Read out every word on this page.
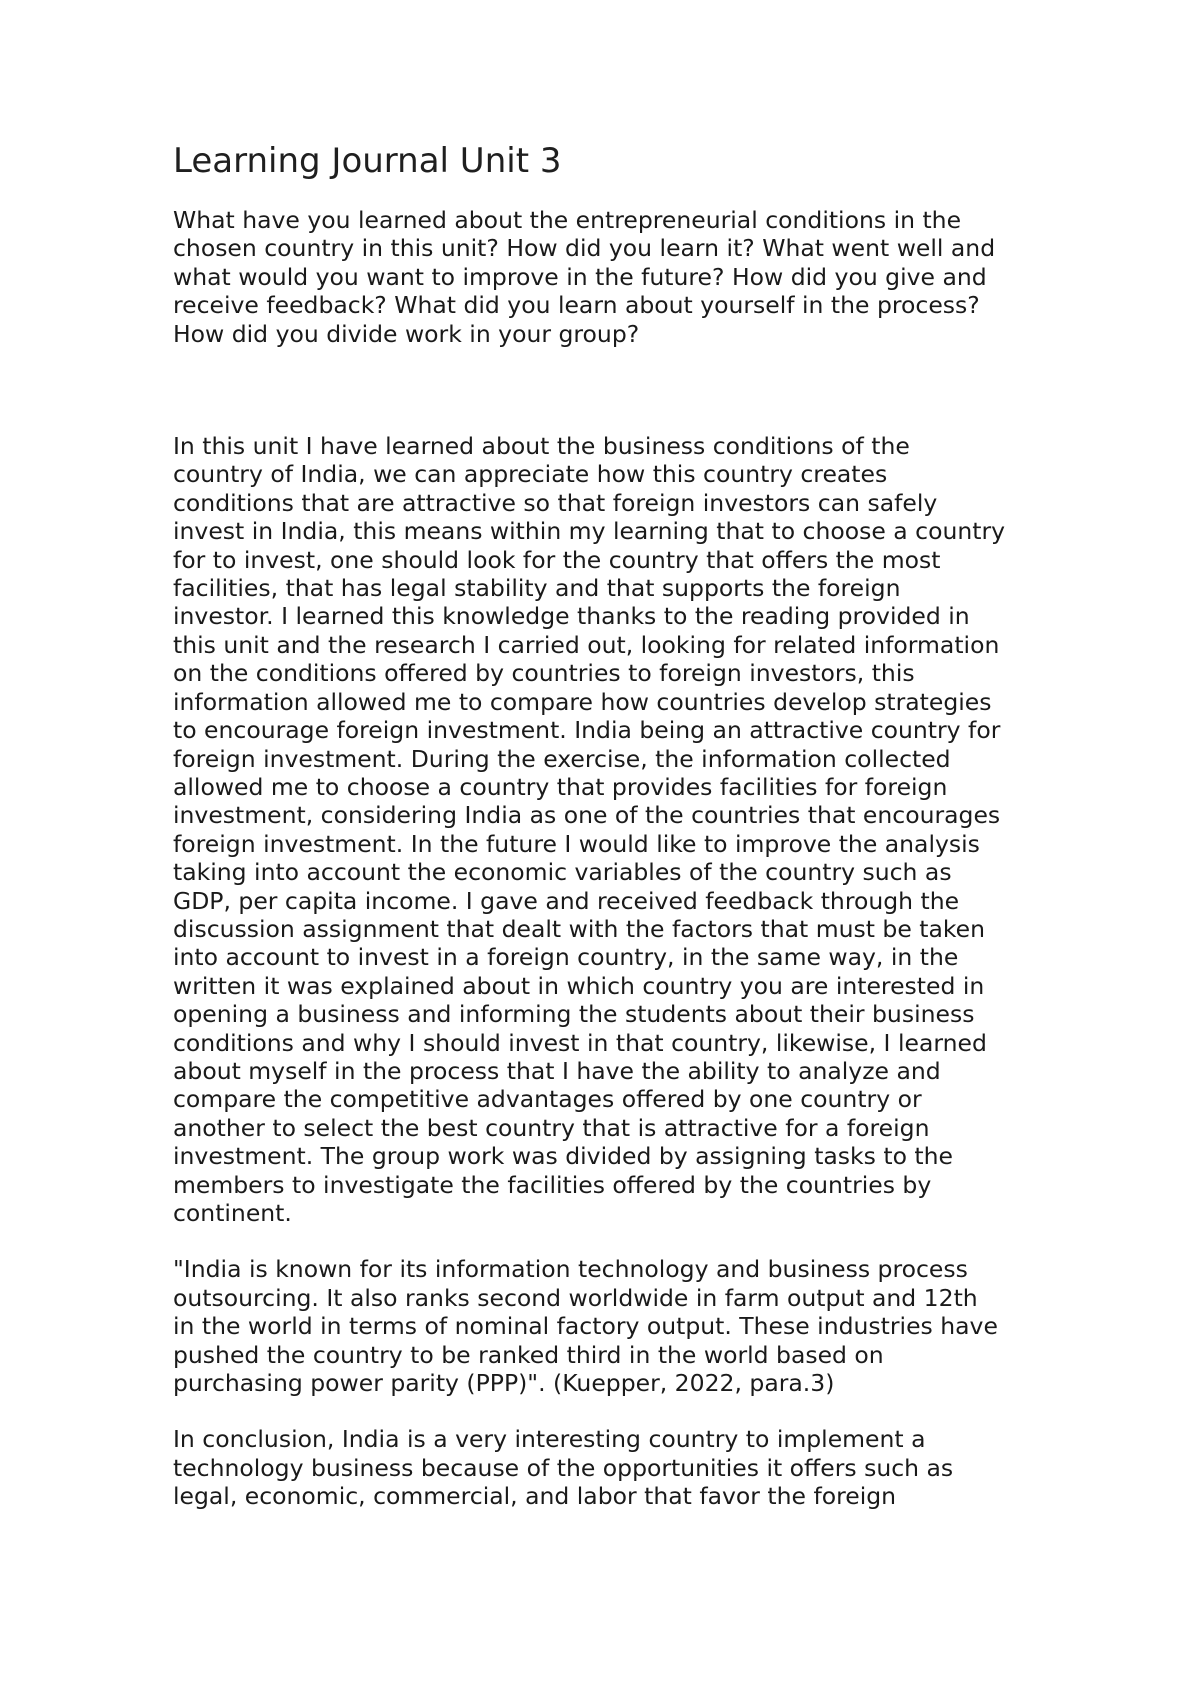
Learning Journal Unit 3

What have you learned about the entrepreneurial conditions in the
chosen country in this unit? How did you learn it? What went well and
what would you want to improve in the future? How did you give and
receive feedback? What did you learn about yourself in the process?
How did you divide work in your group?

In this unit I have learned about the business conditions of the
country of India, we can appreciate how this country creates
conditions that are attractive so that foreign investors can safely
invest in India, this means within my learning that to choose a country
for to invest, one should look for the country that offers the most
facilities, that has legal stability and that supports the foreign
investor. I learned this knowledge thanks to the reading provided in
this unit and the research I carried out, looking for related information
on the conditions offered by countries to foreign investors, this
information allowed me to compare how countries develop strategies
to encourage foreign investment. India being an attractive country for
foreign investment. During the exercise, the information collected
allowed me to choose a country that provides facilities for foreign
investment, considering India as one of the countries that encourages
foreign investment. In the future I would like to improve the analysis
taking into account the economic variables of the country such as
GDP, per capita income. I gave and received feedback through the
discussion assignment that dealt with the factors that must be taken
into account to invest in a foreign country, in the same way, in the
written it was explained about in which country you are interested in
opening a business and informing the students about their business
conditions and why I should invest in that country, likewise, I learned
about myself in the process that I have the ability to analyze and
compare the competitive advantages offered by one country or
another to select the best country that is attractive for a foreign
investment. The group work was divided by assigning tasks to the
members to investigate the facilities offered by the countries by
continent.

"India is known for its information technology and business process
outsourcing. It also ranks second worldwide in farm output and 12th
in the world in terms of nominal factory output. These industries have
pushed the country to be ranked third in the world based on
purchasing power parity (PPP)". (Kuepper, 2022, para.3)

In conclusion, India is a very interesting country to implement a
technology business because of the opportunities it offers such as
legal, economic, commercial, and labor that favor the foreign
